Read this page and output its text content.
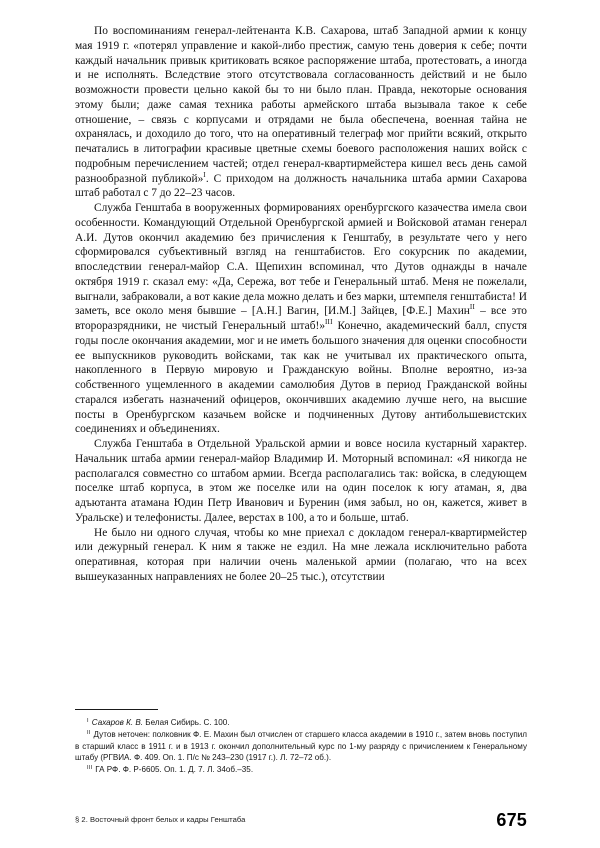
По воспоминаниям генерал-лейтенанта К.В. Сахарова, штаб Западной армии к концу мая 1919 г. «потерял управление и какой-либо престиж, самую тень доверия к себе; почти каждый начальник привык критиковать всякое распоряжение штаба, протестовать, а иногда и не исполнять. Вследствие этого отсутствовала согласованность действий и не было возможности провести цельно какой бы то ни было план. Правда, некоторые основания этому были; даже самая техника работы армейского штаба вызывала такое к себе отношение, – связь с корпусами и отрядами не была обеспечена, военная тайна не охранялась, и доходило до того, что на оперативный телеграф мог прийти всякий, открыто печатались в литографии красивые цветные схемы боевого расположения наших войск с подробным перечислением частей; отдел генерал-квартирмейстера кишел весь день самой разнообразной публикой»$^I$. С приходом на должность начальника штаба армии Сахарова штаб работал с 7 до 22–23 часов.

Служба Генштаба в вооруженных формированиях оренбургского казачества имела свои особенности. Командующий Отдельной Оренбургской армией и Войсковой атаман генерал А.И. Дутов окончил академию без причисления к Генштабу, в результате чего у него сформировался субъективный взгляд на генштабистов. Его сокурсник по академии, впоследствии генерал-майор С.А. Щепихин вспоминал, что Дутов однажды в начале октября 1919 г. сказал ему: «Да, Сережа, вот тебе и Генеральный штаб. Меня не пожелали, выгнали, забраковали, а вот какие дела можно делать и без марки, штемпеля генштабиста! И заметь, все около меня бывшие – [А.Н.] Вагин, [И.М.] Зайцев, [Ф.Е.] Махин$^{II}$ – все это второразрядники, не чистый Генеральный штаб!»$^{III}$ Конечно, академический балл, спустя годы после окончания академии, мог и не иметь большого значения для оценки способности ее выпускников руководить войсками, так как не учитывал их практического опыта, накопленного в Первую мировую и Гражданскую войны. Вполне вероятно, из-за собственного ущемленного в академии самолюбия Дутов в период Гражданской войны старался избегать назначений офицеров, окончивших академию лучше него, на высшие посты в Оренбургском казачьем войске и подчиненных Дутову антибольшевистских соединениях и объединениях.

Служба Генштаба в Отдельной Уральской армии и вовсе носила кустарный характер. Начальник штаба армии генерал-майор Владимир И. Моторный вспоминал: «Я никогда не располагался совместно со штабом армии. Всегда располагались так: войска, в следующем поселке штаб корпуса, в этом же поселке или на один поселок к югу атаман, я, два адъютанта атамана Юдин Петр Иванович и Буренин (имя забыл, но он, кажется, живет в Уральске) и телефонисты. Далее, верстах в 100, а то и больше, штаб.

Не было ни одного случая, чтобы ко мне приехал с докладом генерал-квартирмейстер или дежурный генерал. К ним я также не ездил. На мне лежала исключительно работа оперативная, которая при наличии очень маленькой армии (полагаю, что на всех вышеуказанных направлениях не более 20–25 тыс.), отсутствии

$^I$ Сахаров К. В. Белая Сибирь. С. 100.

$^{II}$ Дутов неточен: полковник Ф. Е. Махин был отчислен от старшего класса академии в 1910 г., затем вновь поступил в старший класс в 1911 г. и в 1913 г. окончил дополнительный курс по 1-му разряду с причислением к Генеральному штабу (РГВИА. Ф. 409. Оп. 1. П/с № 243–230 (1917 г.). Л. 72–72 об.).

$^{III}$ ГА РФ. Ф. Р-6605. Оп. 1. Д. 7. Л. 34об.–35.

§ 2. Восточный фронт белых и кадры Генштаба	675
